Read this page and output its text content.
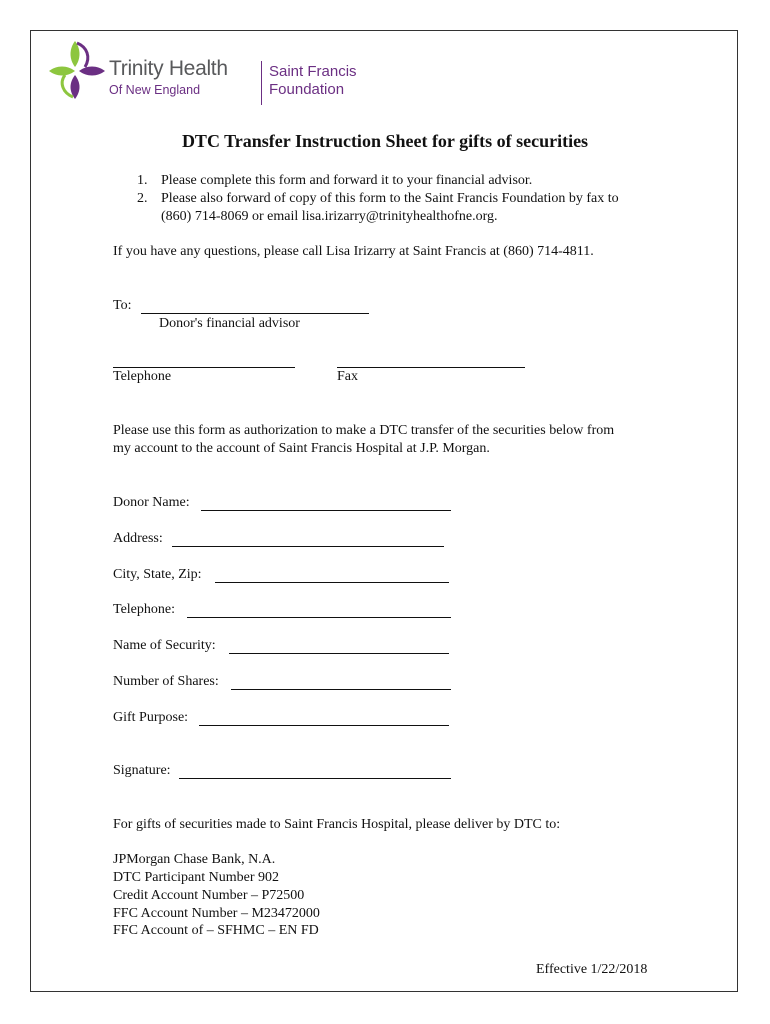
Trinity Health
Of New England
Saint Francis
Foundation
DTC Transfer Instruction Sheet for gifts of securities
1. Please complete this form and forward it to your financial advisor.
2. Please also forward of copy of this form to the Saint Francis Foundation by fax to
(860) 714-8069 or email lisa.irizarry@trinityhealthofne.org.
If you have any questions, please call Lisa Irizarry at Saint Francis at (860) 714-4811.
To:
Donor's financial advisor
Telephone	Fax
Please use this form as authorization to make a DTC transfer of the securities below from
my account to the account of Saint Francis Hospital at J.P. Morgan.
Donor Name:
Address:
City, State, Zip:
Telephone:
Name of Security:
Number of Shares:
Gift Purpose:
Signature:
For gifts of securities made to Saint Francis Hospital, please deliver by DTC to:
JPMorgan Chase Bank, N.A.
DTC Participant Number 902
Credit Account Number – P72500
FFC Account Number – M23472000
FFC Account of – SFHMC – EN FD
Effective 1/22/2018
